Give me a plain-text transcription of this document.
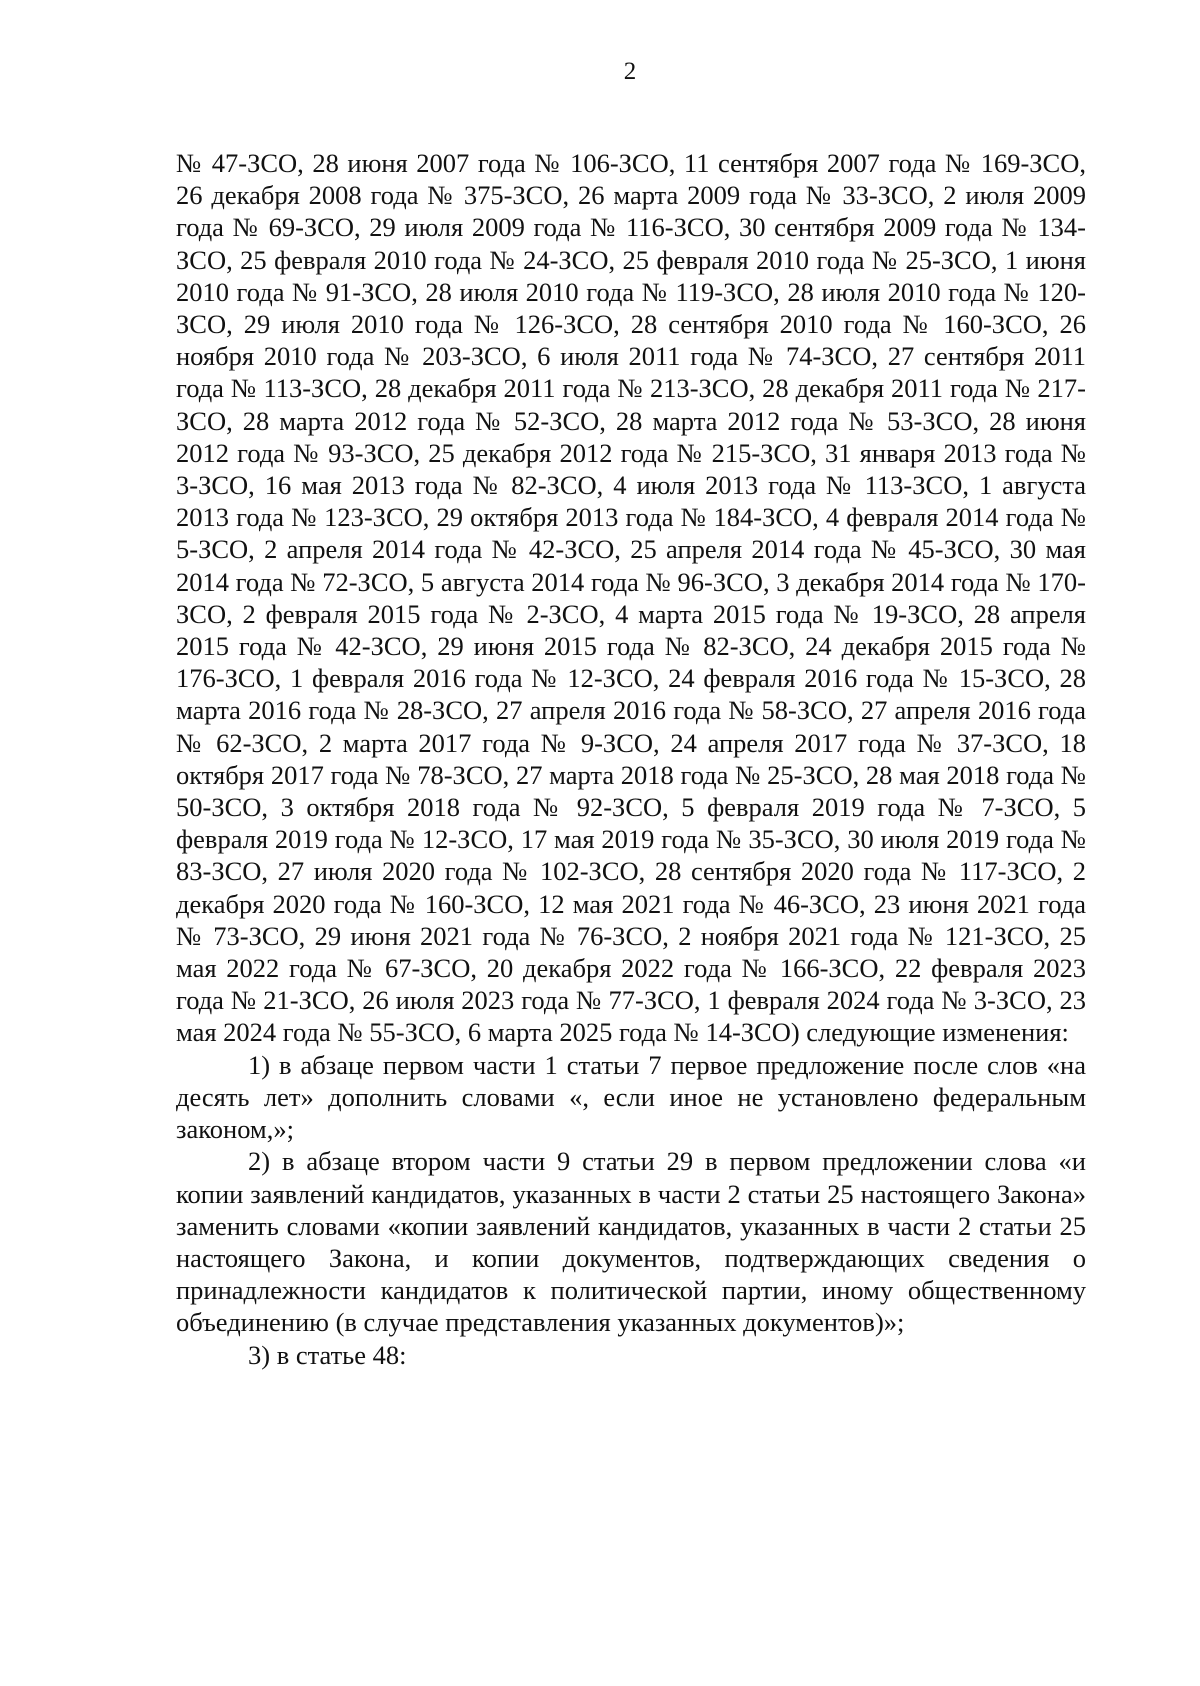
2

№ 47-ЗСО, 28 июня 2007 года № 106-ЗСО, 11 сентября 2007 года № 169-ЗСО, 26 декабря 2008 года № 375-ЗСО, 26 марта 2009 года № 33-ЗСО, 2 июля 2009 года № 69-ЗСО, 29 июля 2009 года № 116-ЗСО, 30 сентября 2009 года № 134-ЗСО, 25 февраля 2010 года № 24-ЗСО, 25 февраля 2010 года № 25-ЗСО, 1 июня 2010 года № 91-ЗСО, 28 июля 2010 года № 119-ЗСО, 28 июля 2010 года № 120-ЗСО, 29 июля 2010 года № 126-ЗСО, 28 сентября 2010 года № 160-ЗСО, 26 ноября 2010 года № 203-ЗСО, 6 июля 2011 года № 74-ЗСО, 27 сентября 2011 года № 113-ЗСО, 28 декабря 2011 года № 213-ЗСО, 28 декабря 2011 года № 217-ЗСО, 28 марта 2012 года № 52-ЗСО, 28 марта 2012 года № 53-ЗСО, 28 июня 2012 года № 93-ЗСО, 25 декабря 2012 года № 215-ЗСО, 31 января 2013 года № 3-ЗСО, 16 мая 2013 года № 82-ЗСО, 4 июля 2013 года № 113-ЗСО, 1 августа 2013 года № 123-ЗСО, 29 октября 2013 года № 184-ЗСО, 4 февраля 2014 года № 5-ЗСО, 2 апреля 2014 года № 42-ЗСО, 25 апреля 2014 года № 45-ЗСО, 30 мая 2014 года № 72-ЗСО, 5 августа 2014 года № 96-ЗСО, 3 декабря 2014 года № 170-ЗСО, 2 февраля 2015 года № 2-ЗСО, 4 марта 2015 года № 19-ЗСО, 28 апреля 2015 года № 42-ЗСО, 29 июня 2015 года № 82-ЗСО, 24 декабря 2015 года № 176-ЗСО, 1 февраля 2016 года № 12-ЗСО, 24 февраля 2016 года № 15-ЗСО, 28 марта 2016 года № 28-ЗСО, 27 апреля 2016 года № 58-ЗСО, 27 апреля 2016 года № 62-ЗСО, 2 марта 2017 года № 9-ЗСО, 24 апреля 2017 года № 37-ЗСО, 18 октября 2017 года № 78-ЗСО, 27 марта 2018 года № 25-ЗСО, 28 мая 2018 года № 50-ЗСО, 3 октября 2018 года № 92-ЗСО, 5 февраля 2019 года № 7-ЗСО, 5 февраля 2019 года № 12-ЗСО, 17 мая 2019 года № 35-ЗСО, 30 июля 2019 года № 83-ЗСО, 27 июля 2020 года № 102-ЗСО, 28 сентября 2020 года № 117-ЗСО, 2 декабря 2020 года № 160-ЗСО, 12 мая 2021 года № 46-ЗСО, 23 июня 2021 года № 73-ЗСО, 29 июня 2021 года № 76-ЗСО, 2 ноября 2021 года № 121-ЗСО, 25 мая 2022 года № 67-ЗСО, 20 декабря 2022 года № 166-ЗСО, 22 февраля 2023 года № 21-ЗСО, 26 июля 2023 года № 77-ЗСО, 1 февраля 2024 года № 3-ЗСО, 23 мая 2024 года № 55-ЗСО, 6 марта 2025 года № 14-ЗСО) следующие изменения:

1) в абзаце первом части 1 статьи 7 первое предложение после слов «на десять лет» дополнить словами «, если иное не установлено федеральным законом,»;

2) в абзаце втором части 9 статьи 29 в первом предложении слова «и копии заявлений кандидатов, указанных в части 2 статьи 25 настоящего Закона» заменить словами «копии заявлений кандидатов, указанных в части 2 статьи 25 настоящего Закона, и копии документов, подтверждающих сведения о принадлежности кандидатов к политической партии, иному общественному объединению (в случае представления указанных документов)»;

3) в статье 48:
